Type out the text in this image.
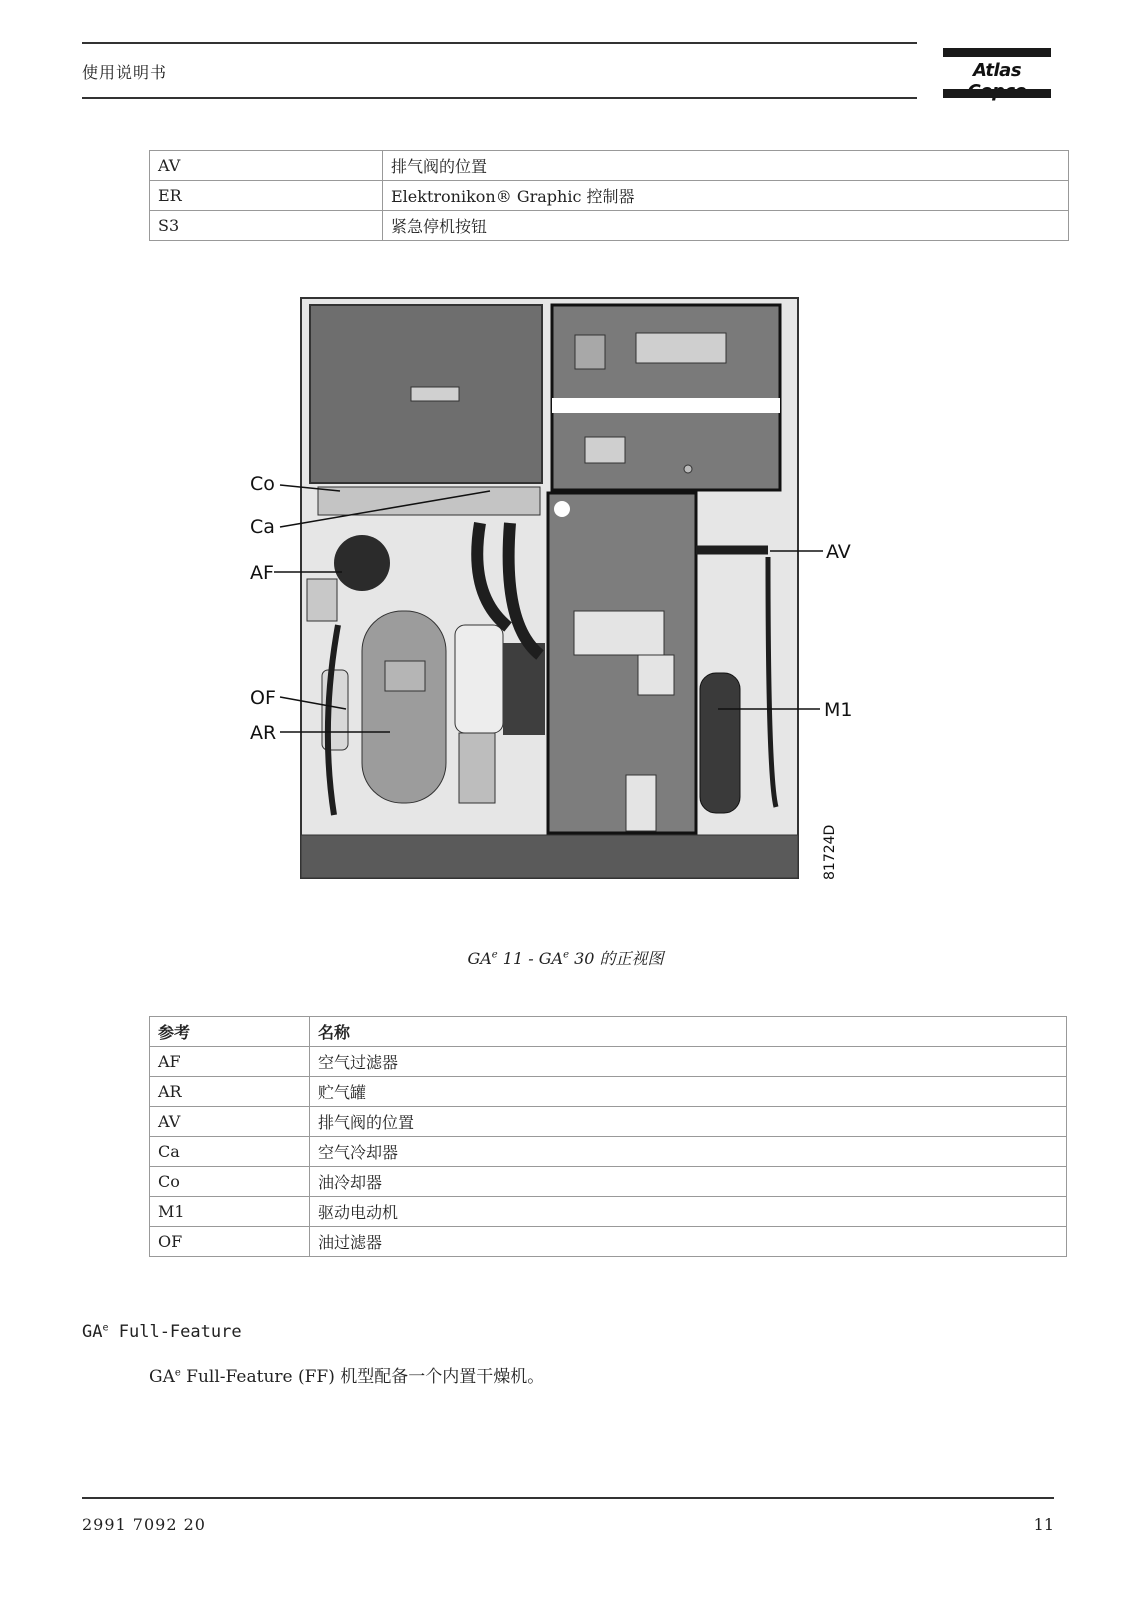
使用说明书	Atlas
AV	排气阀的位置
ER	Elektronikon® Graphic 控制器
S3	紧急停机按钮
Co
Ca
AF
OF
AR
AV
M1
81724D
$GA^e$ $11 - GA^e$ 30 的正视图
参考	名称
AF	空气过滤器
AR	贮气罐
AV	排气阀的位置
Ca	空气冷却器
Co	油冷却器
M1	驱动电动机
OF	油过滤器
$GA^e$ Full-Feature
$GA^e$ Full-Feature (FF) 机型配备一个内置干燥机。
2991 7092 20	11
